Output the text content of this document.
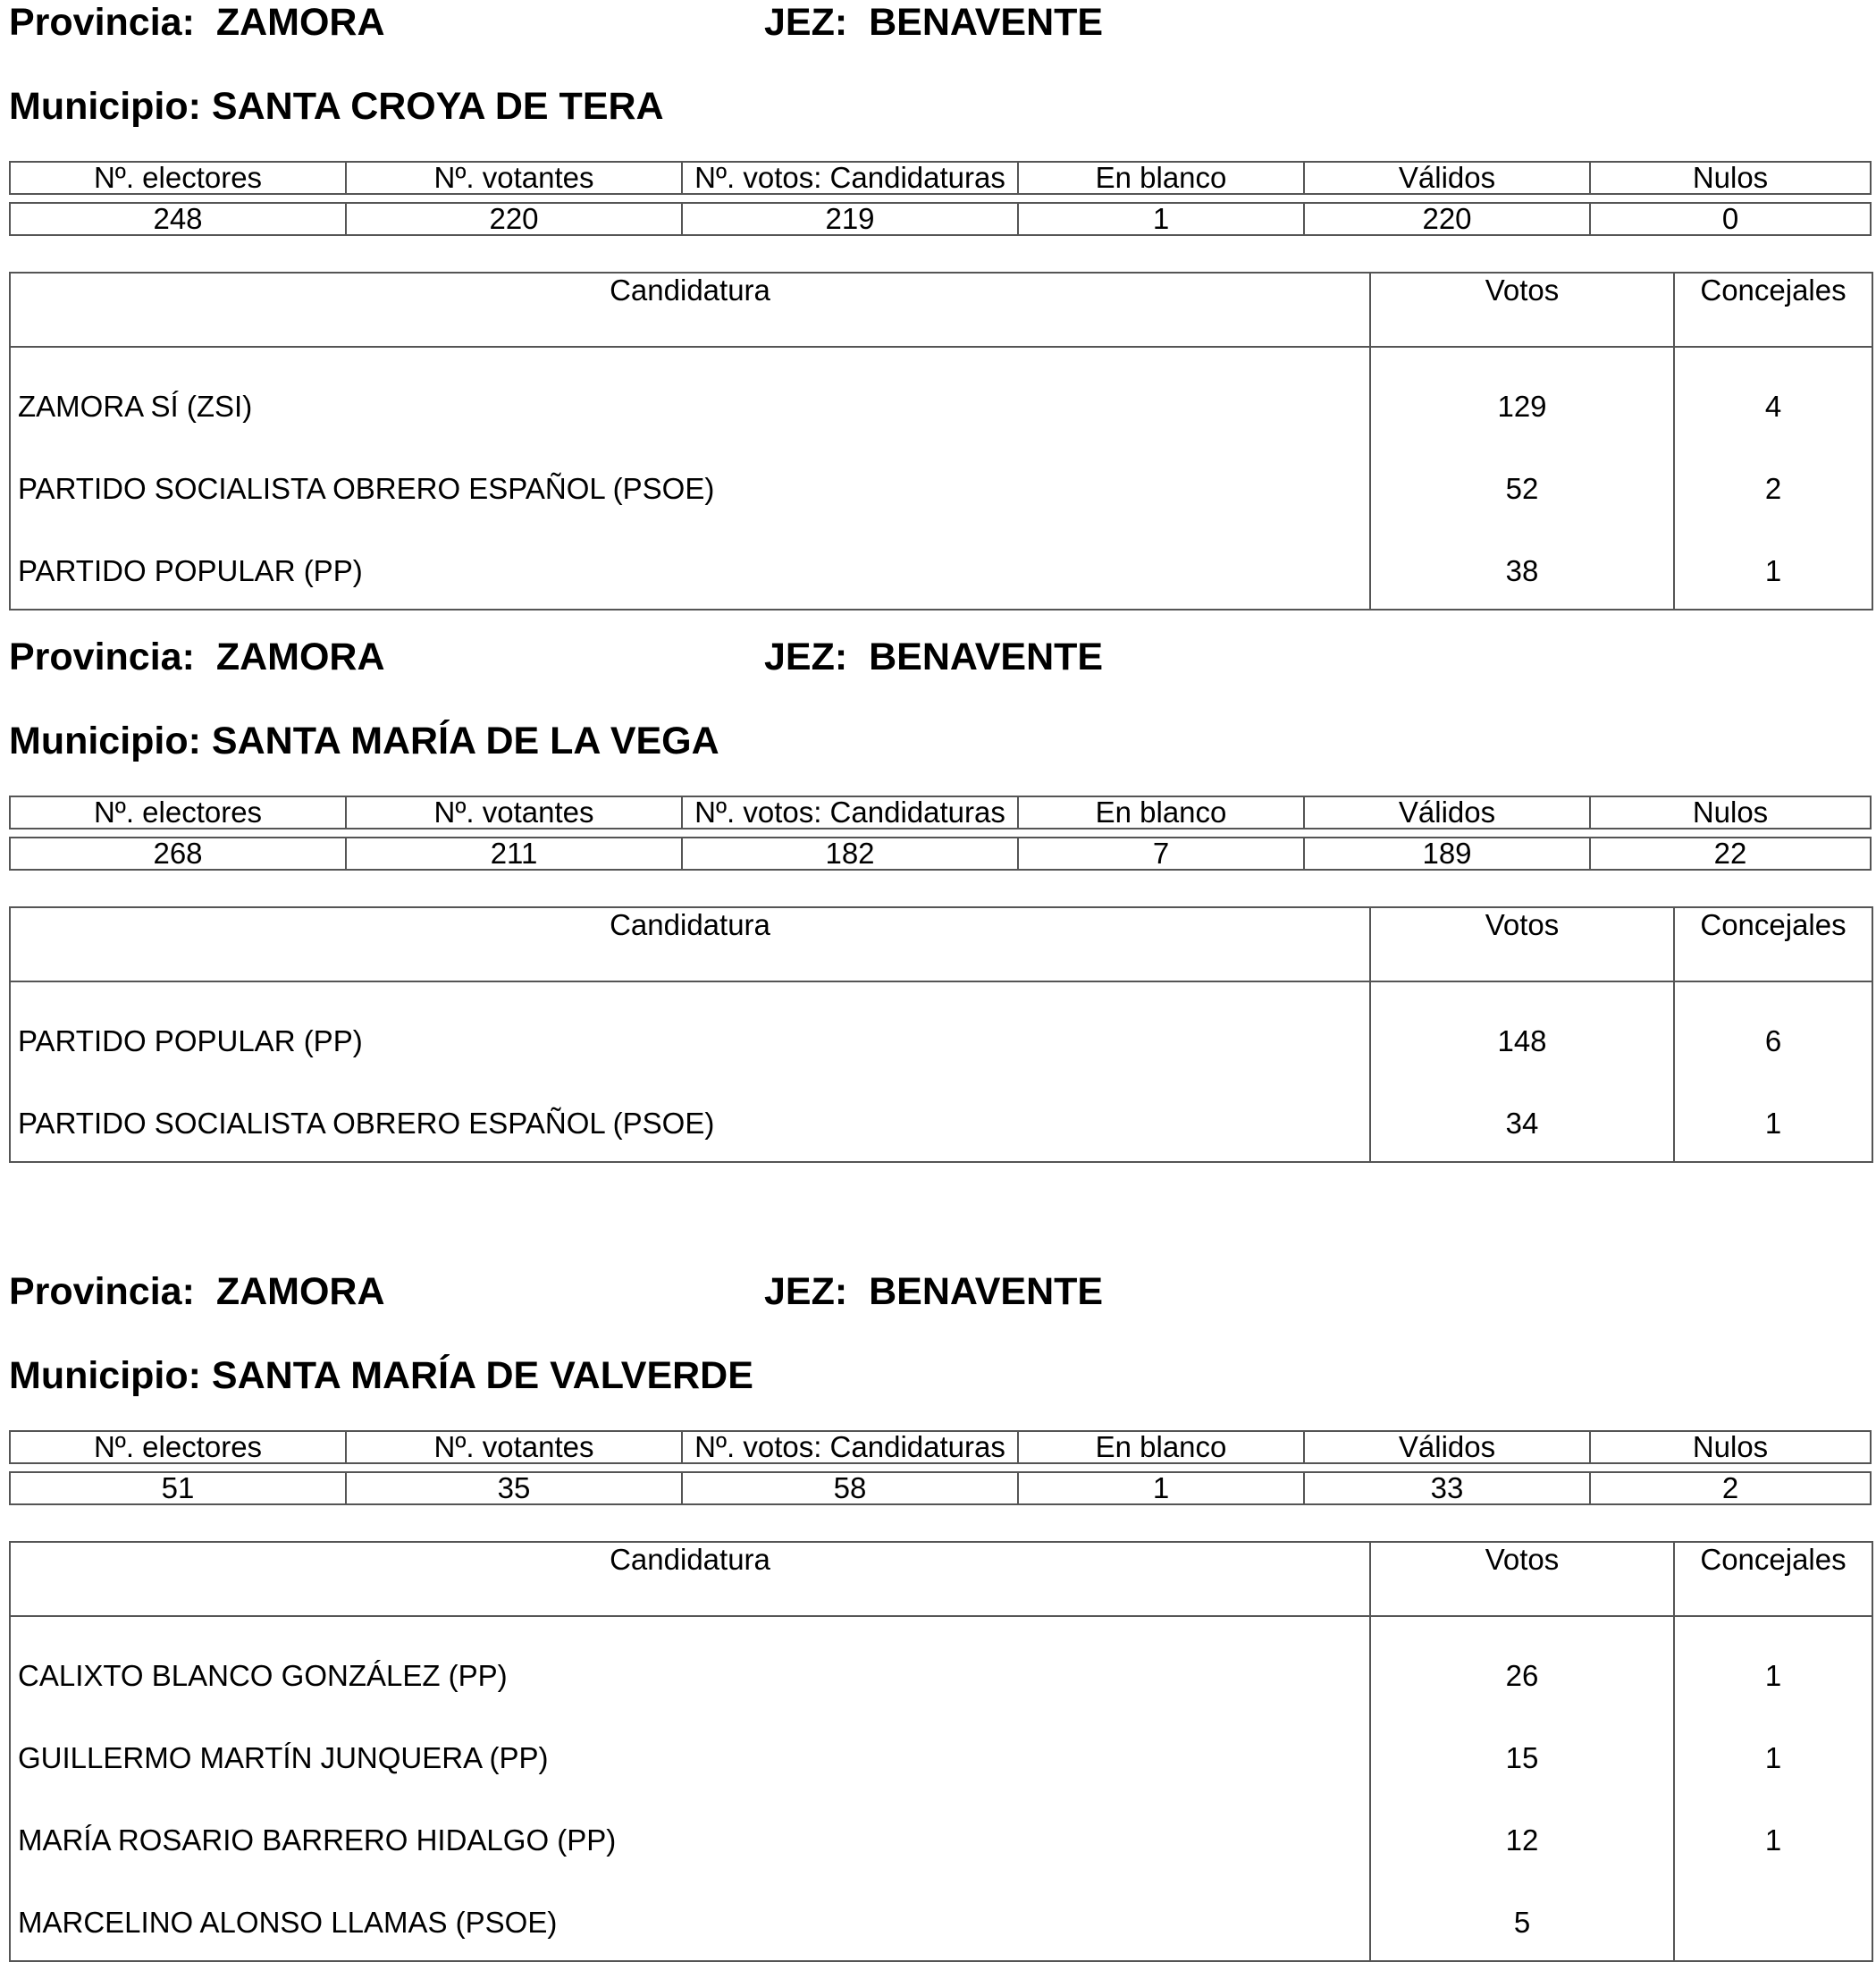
Provincia: ZAMORA	JEZ: BENAVENTE
Municipio: SANTA CROYA DE TERA
Nº. electores	Nº. votantes	Nº. votos: Candidaturas	En blanco	Válidos	Nulos
248	220	219	1	220	0
Candidatura	Votos	Concejales
ZAMORA SÍ (ZSI)	129	4
PARTIDO SOCIALISTA OBRERO ESPAÑOL (PSOE)	52	2
PARTIDO POPULAR (PP)	38	1
Provincia: ZAMORA	JEZ: BENAVENTE
Municipio: SANTA MARÍA DE LA VEGA
Nº. electores	Nº. votantes	Nº. votos: Candidaturas	En blanco	Válidos	Nulos
268	211	182	7	189	22
Candidatura	Votos	Concejales
PARTIDO POPULAR (PP)	148	6
PARTIDO SOCIALISTA OBRERO ESPAÑOL (PSOE)	34	1
Provincia: ZAMORA	JEZ: BENAVENTE
Municipio: SANTA MARÍA DE VALVERDE
Nº. electores	Nº. votantes	Nº. votos: Candidaturas	En blanco	Válidos	Nulos
51	35	58	1	33	2
Candidatura	Votos	Concejales
CALIXTO BLANCO GONZÁLEZ (PP)	26	1
GUILLERMO MARTÍN JUNQUERA (PP)	15	1
MARÍA ROSARIO BARRERO HIDALGO (PP)	12	1
MARCELINO ALONSO LLAMAS (PSOE)	5	
